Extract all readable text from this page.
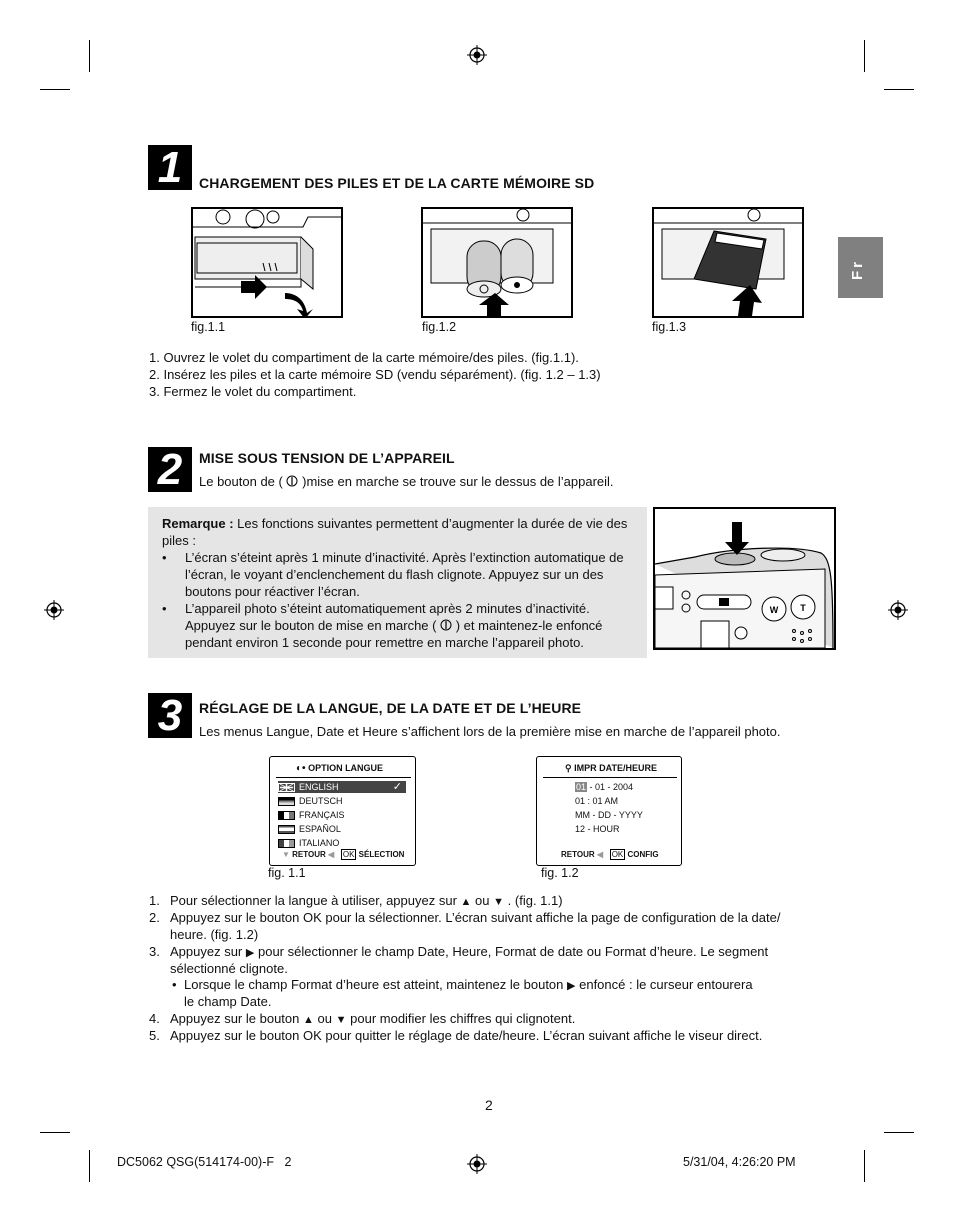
Fr
1	CHARGEMENT DES PILES ET DE LA CARTE MÉMOIRE SD
fig.1.1	fig.1.2	fig.1.3
1. Ouvrez le volet du compartiment de la carte mémoire/des piles. (fig.1.1).
2. Insérez les piles et la carte mémoire SD (vendu séparément). (fig. 1.2 – 1.3)
3. Fermez le volet du compartiment.
2	MISE SOUS TENSION DE L’APPAREIL
Le bouton de ( )mise en marche se trouve sur le dessus de l’appareil.
Remarque : Les fonctions suivantes permettent d’augmenter la durée de vie des piles :
•	L’écran s’éteint après 1 minute d’inactivité. Après l’extinction automatique de l’écran, le voyant d’enclenchement du flash clignote. Appuyez sur un des boutons pour réactiver l’écran.
•	L’appareil photo s’éteint automatiquement après 2 minutes d’inactivité. Appuyez sur le bouton de mise en marche ( ) et maintenez-le enfoncé pendant environ 1 seconde pour remettre en marche l’appareil photo.
W T
3	RÉGLAGE DE LA LANGUE, DE LA DATE ET DE L’HEURE
Les menus Langue, Date et Heure s’affichent lors de la première mise en marche de l’appareil photo.
◐• OPTION LANGUE
ENGLISH	✓
DEUTSCH
FRANÇAIS
ESPAÑOL
ITALIANO
▼ RETOUR ◀ OK SÉLECTION
fig. 1.1
⚲ IMPR DATE/HEURE
01 - 01 - 2004
01 : 01 AM
MM - DD - YYYY
12 - HOUR
RETOUR ◀ OK CONFIG
fig. 1.2
1. Pour sélectionner la langue à utiliser, appuyez sur ▲ ou ▼ . (fig. 1.1)
2. Appuyez sur le bouton OK pour la sélectionner. L’écran suivant affiche la page de configuration de la date/
heure. (fig. 1.2)
3. Appuyez sur ▶ pour sélectionner le champ Date, Heure, Format de date ou Format d’heure. Le segment
sélectionné clignote.
• Lorsque le champ Format d’heure est atteint, maintenez le bouton ▶ enfoncé : le curseur entourera
le champ Date.
4. Appuyez sur le bouton ▲ ou ▼ pour modifier les chiffres qui clignotent.
5. Appuyez sur le bouton OK pour quitter le réglage de date/heure. L’écran suivant affiche le viseur direct.
2
DC5062 QSG(514174-00)-F   2	5/31/04, 4:26:20 PM
